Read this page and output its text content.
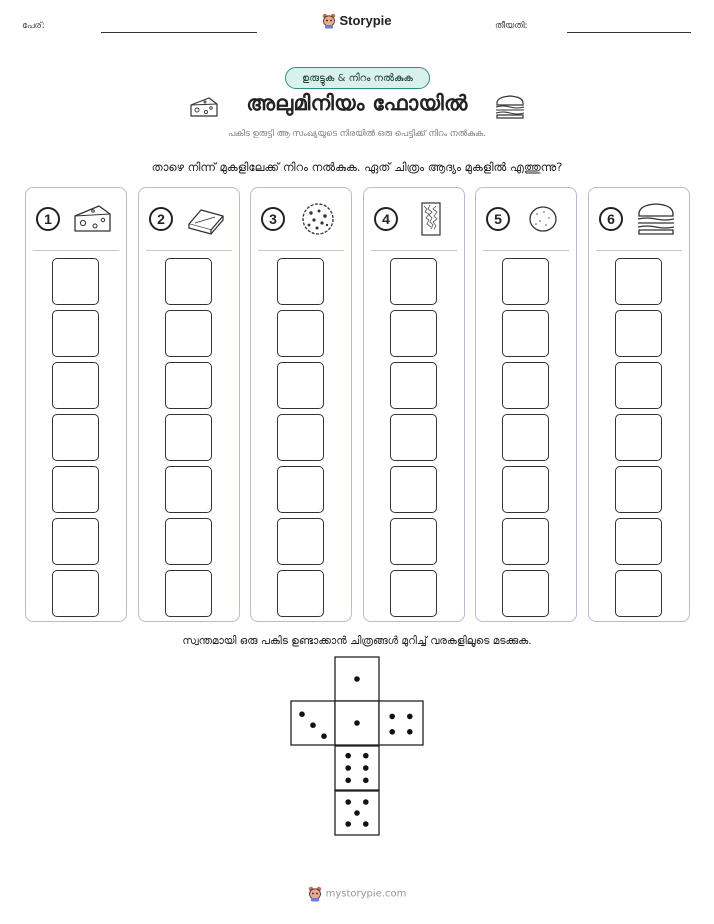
പേര്:	Storypie	തീയതി:
ഉരുട്ടുക & നിറം നൽകുക
അലുമിനിയം ഫോയിൽ
പകിട ഉരുട്ടി ആ സംഖ്യയുടെ നിരയിൽ ഒരു പെട്ടിക്ക് നിറം നൽകുക.
താഴെ നിന്ന് മുകളിലേക്ക് നിറം നൽകുക. ഏത് ചിത്രം ആദ്യം മുകളിൽ എത്തുന്നു?
1	2	3	4	5	6
സ്വന്തമായി ഒരു പകിട ഉണ്ടാക്കാൻ ചിത്രങ്ങൾ മുറിച്ച് വരകളിലൂടെ മടക്കുക.
mystorypie.com
